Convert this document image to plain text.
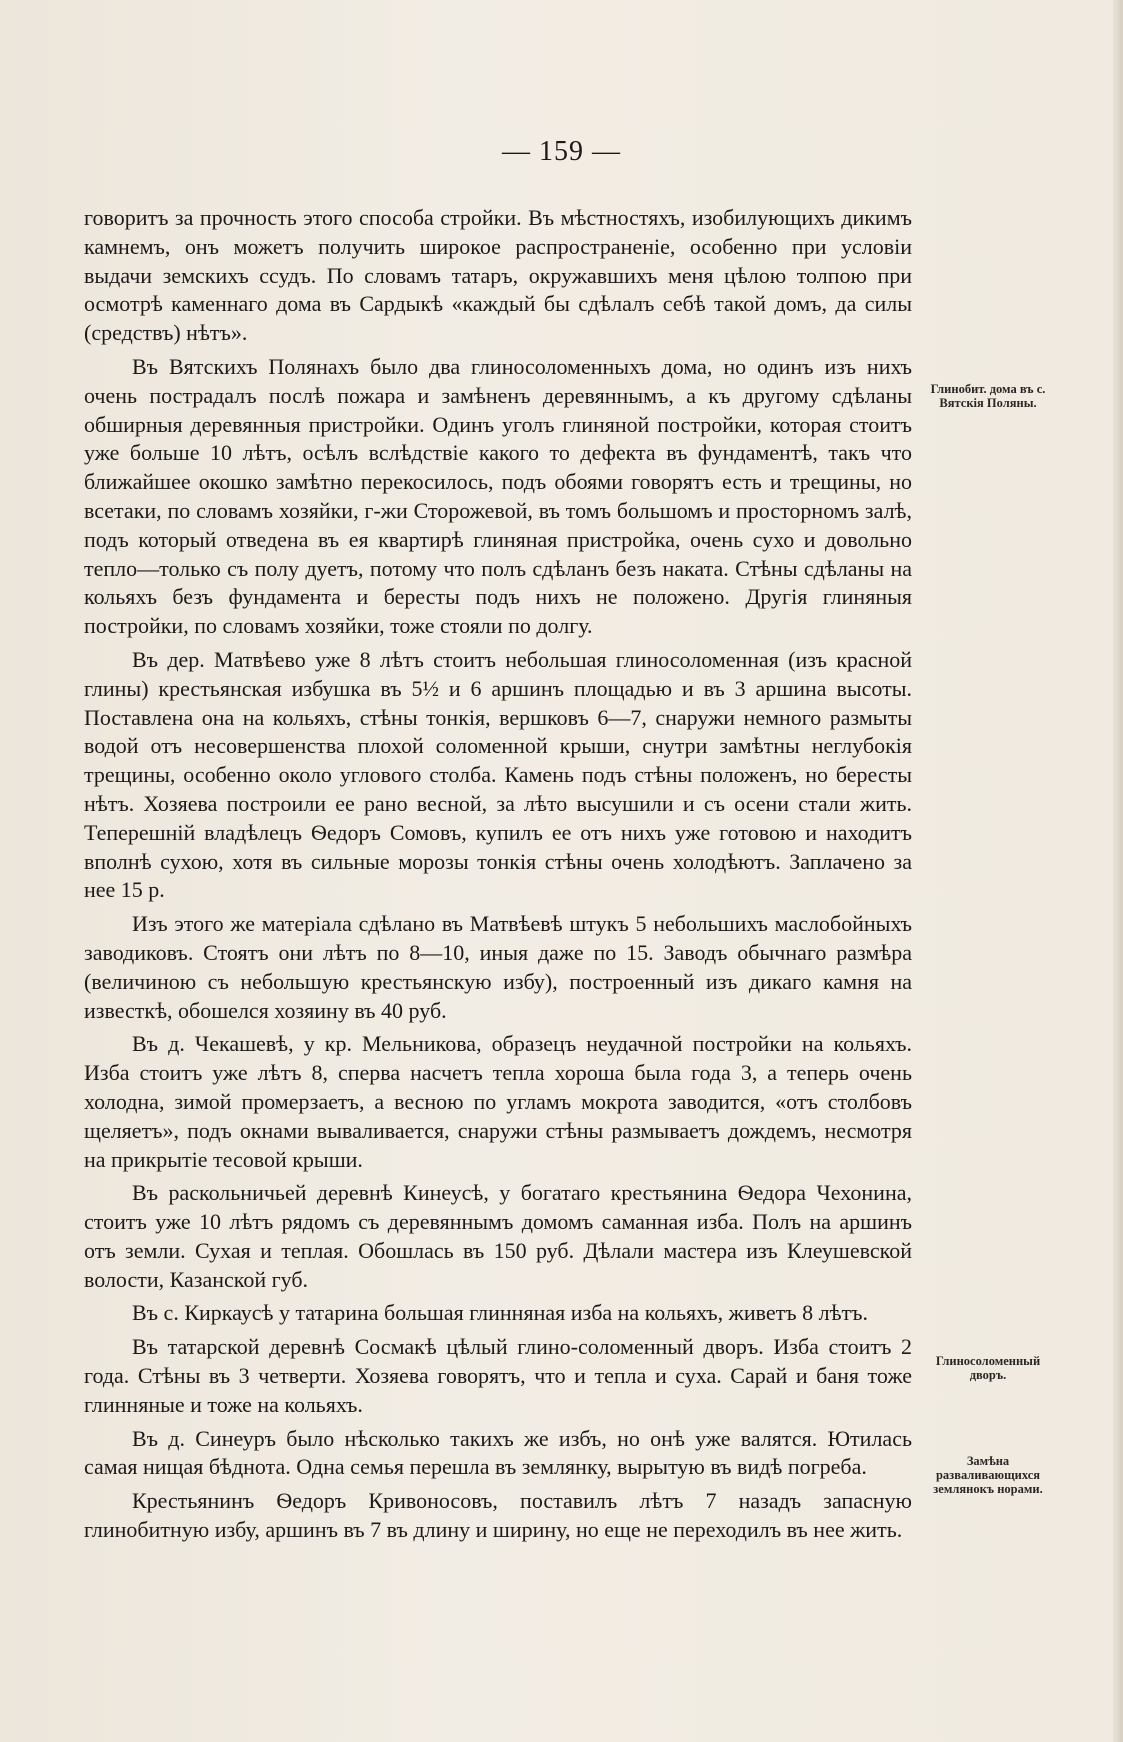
— 159 —

говоритъ за прочность этого способа стройки. Въ мѣстностяхъ, изобилующихъ дикимъ камнемъ, онъ можетъ получить широкое распространеніе, особенно при условіи выдачи земскихъ ссудъ. По словамъ татаръ, окружавшихъ меня цѣлою толпою при осмотрѣ каменнаго дома въ Сардыкѣ «каждый бы сдѣлалъ себѣ такой домъ, да силы (средствъ) нѣтъ».

Въ Вятскихъ Полянахъ было два глиносоломенныхъ дома, но одинъ изъ нихъ очень пострадалъ послѣ пожара и замѣненъ деревяннымъ, а къ другому сдѣланы обширныя деревянныя пристройки. Одинъ уголъ глиняной постройки, которая стоитъ уже больше 10 лѣтъ, осѣлъ вслѣдствіе какого то дефекта въ фундаментѣ, такъ что ближайшее окошко замѣтно перекосилось, подъ обоями говорятъ есть и трещины, но всетаки, по словамъ хозяйки, г-жи Сторожевой, въ томъ большомъ и просторномъ залѣ, подъ который отведена въ ея квартирѣ глиняная пристройка, очень сухо и довольно тепло—только съ полу дуетъ, потому что полъ сдѣланъ безъ наката. Стѣны сдѣланы на кольяхъ безъ фундамента и бересты подъ нихъ не положено. Другія глиняныя постройки, по словамъ хозяйки, тоже стояли по долгу.

Въ дер. Матвѣево уже 8 лѣтъ стоитъ небольшая глиносоломенная (изъ красной глины) крестьянская избушка въ 5½ и 6 аршинъ площадью и въ 3 аршина высоты. Поставлена она на кольяхъ, стѣны тонкія, вершковъ 6—7, снаружи немного размыты водой отъ несовершенства плохой соломенной крыши, снутри замѣтны неглубокія трещины, особенно около углового столба. Камень подъ стѣны положенъ, но бересты нѣтъ. Хозяева построили ее рано весной, за лѣто высушили и съ осени стали жить. Теперешній владѣлецъ Ѳедоръ Сомовъ, купилъ ее отъ нихъ уже готовою и находитъ вполнѣ сухою, хотя въ сильные морозы тонкія стѣны очень холодѣютъ. Заплачено за нее 15 р.

Изъ этого же матеріала сдѣлано въ Матвѣевѣ штукъ 5 небольшихъ маслобойныхъ заводиковъ. Стоятъ они лѣтъ по 8—10, иныя даже по 15. Заводъ обычнаго размѣра (величиною съ небольшую крестьянскую избу), построенный изъ дикаго камня на известкѣ, обошелся хозяину въ 40 руб.

Въ д. Чекашевѣ, у кр. Мельникова, образецъ неудачной постройки на кольяхъ. Изба стоитъ уже лѣтъ 8, сперва насчетъ тепла хороша была года 3, а теперь очень холодна, зимой промерзаетъ, а весною по угламъ мокрота заводится, «отъ столбовъ щеляетъ», подъ окнами вываливается, снаружи стѣны размываетъ дождемъ, несмотря на прикрытіе тесовой крыши.

Въ раскольничьей деревнѣ Кинеусѣ, у богатаго крестьянина Ѳедора Чехонина, стоитъ уже 10 лѣтъ рядомъ съ деревяннымъ домомъ саманная изба. Полъ на аршинъ отъ земли. Сухая и теплая. Обошлась въ 150 руб. Дѣлали мастера изъ Клеушевской волости, Казанской губ.

Въ с. Киркаусѣ у татарина большая глинняная изба на кольяхъ, живетъ 8 лѣтъ.

Въ татарской деревнѣ Сосмакѣ цѣлый глино-соломенный дворъ. Изба стоитъ 2 года. Стѣны въ 3 четверти. Хозяева говорятъ, что и тепла и суха. Сарай и баня тоже глинняные и тоже на кольяхъ.

Въ д. Синеуръ было нѣсколько такихъ же избъ, но онѣ уже валятся. Ютилась самая нищая бѣднота. Одна семья перешла въ землянку, вырытую въ видѣ погреба.

Крестьянинъ Ѳедоръ Кривоносовъ, поставилъ лѣтъ 7 назадъ запасную глинобитную избу, аршинъ въ 7 въ длину и ширину, но еще не переходилъ въ нее жить.

Глинобит. дома въ с. Вятскія Поляны.
Глиносоломенный дворъ.
Замѣна разваливающихся землянокъ норами.
